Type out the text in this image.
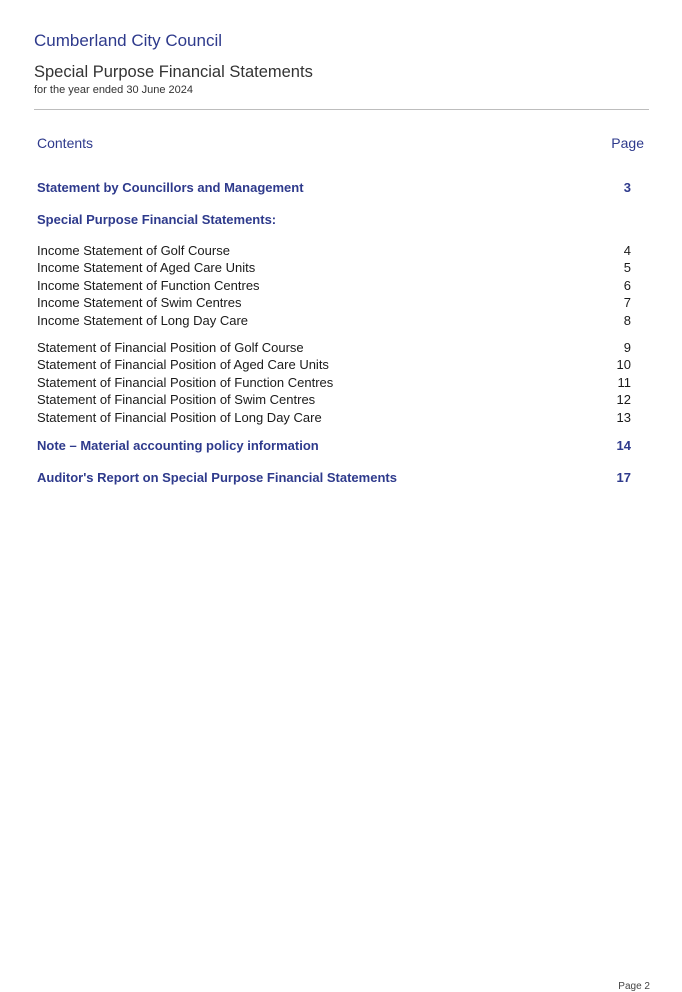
Cumberland City Council
Special Purpose Financial Statements
for the year ended 30 June 2024
Contents	Page
Statement by Councillors and Management	3
Special Purpose Financial Statements:
Income Statement of Golf Course	4
Income Statement of Aged Care Units	5
Income Statement of Function Centres	6
Income Statement of Swim Centres	7
Income Statement of Long Day Care	8
Statement of Financial Position of Golf Course	9
Statement of Financial Position of Aged Care Units	10
Statement of Financial Position of Function Centres	11
Statement of Financial Position of Swim Centres	12
Statement of Financial Position of Long Day Care	13
Note – Material accounting policy information	14
Auditor's Report on Special Purpose Financial Statements	17
Page 2
